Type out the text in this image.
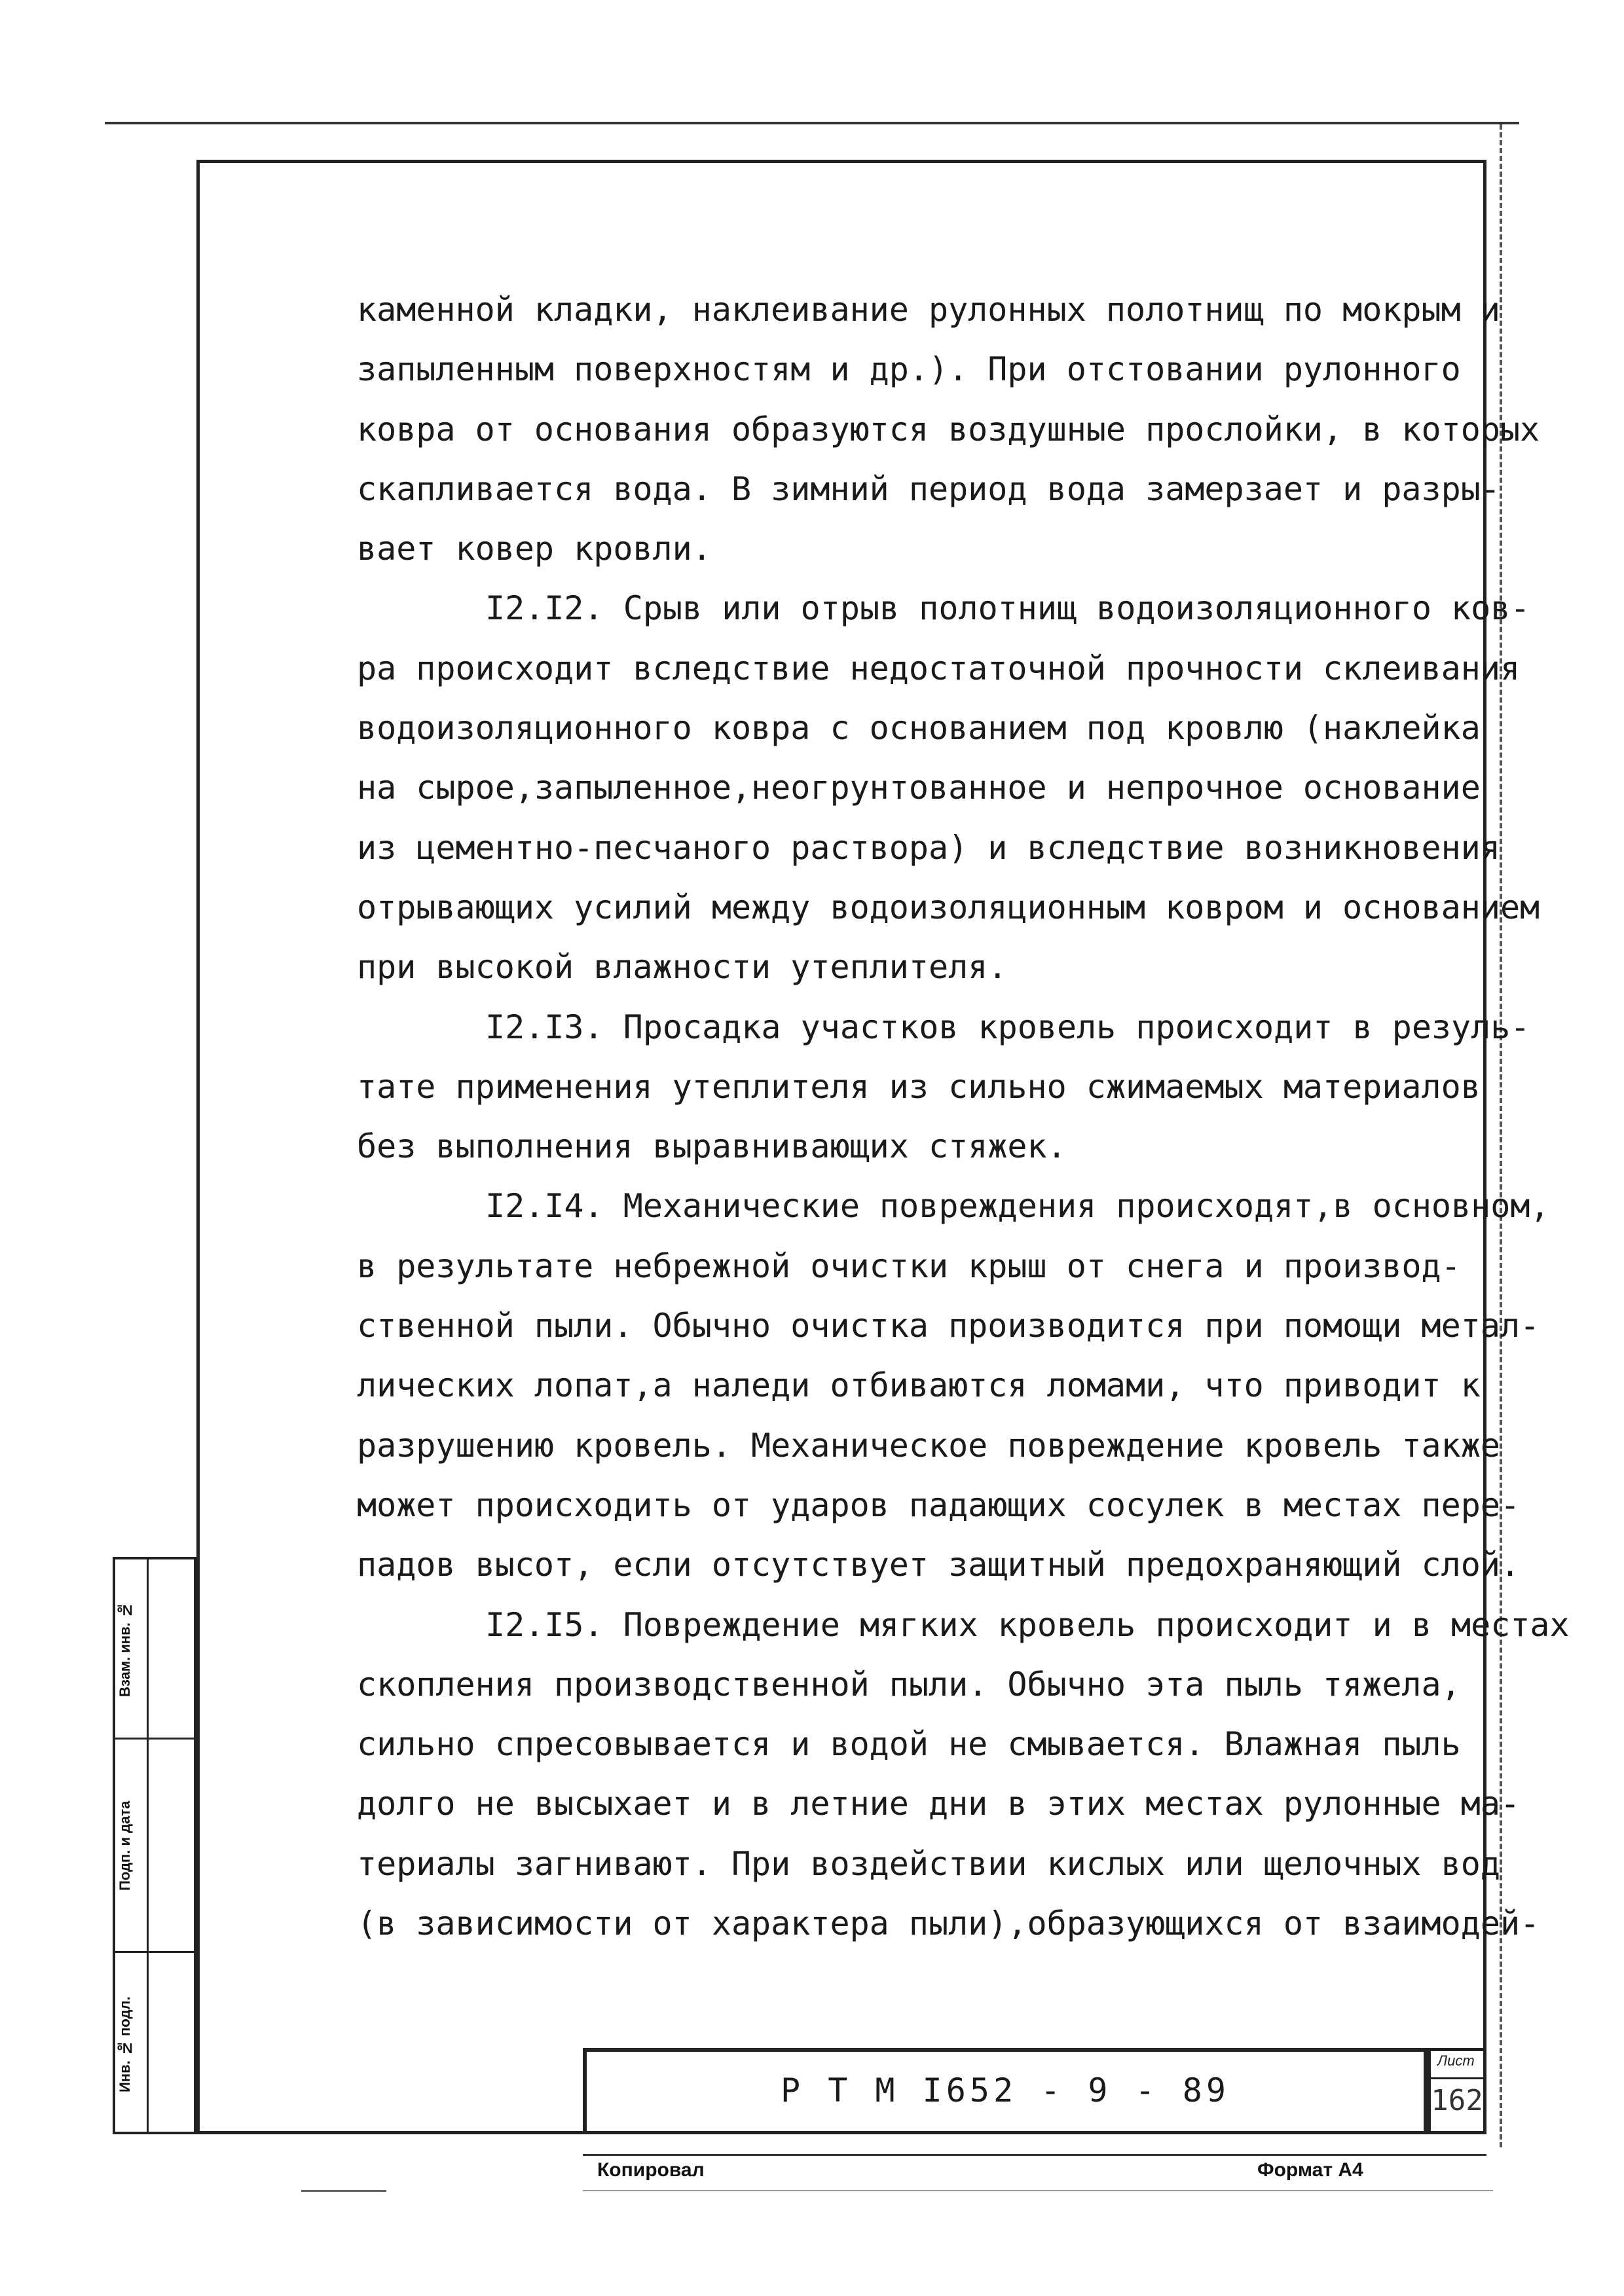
каменной кладки, наклеивание рулонных полотнищ по мокрым и

запыленным поверхностям и др.). При отстовании рулонного

ковра от основания образуются воздушные прослойки, в которых

скапливается вода. В зимний период вода замерзает и разры-

вает ковер кровли.

I2.I2. Срыв или отрыв полотнищ водоизоляционного ков-

ра происходит вследствие недостаточной прочности склеивания

водоизоляционного ковра с основанием под кровлю (наклейка

на сырое,запыленное,неогрунтованное и непрочное основание

из цементно-песчаного раствора) и вследствие возникновения

отрывающих усилий между водоизоляционным ковром и основанием

при высокой влажности утеплителя.

I2.I3. Просадка участков кровель происходит в резуль-

тате применения утеплителя из сильно сжимаемых материалов

без выполнения выравнивающих стяжек.

I2.I4. Механические повреждения происходят,в основном,

в результате небрежной очистки крыш от снега и производ-

ственной пыли. Обычно очистка производится при помощи метал-

лических лопат,а наледи отбиваются ломами, что приводит к

разрушению кровель. Механическое повреждение кровель также

может происходить от ударов падающих сосулек в местах пере-

падов высот, если отсутствует защитный предохраняющий слой.

I2.I5. Повреждение мягких кровель происходит и в местах

скопления производственной пыли. Обычно эта пыль тяжела,

сильно спресовывается и водой не смывается. Влажная пыль

долго не высыхает и в летние дни в этих местах рулонные ма-

териалы загнивают. При воздействии кислых или щелочных вод

(в зависимости от характера пыли),образующихся от взаимодей-

Взам. инв. №
Подп. и дата
Инв. № подл.	Р Т М I652 - 9 - 89
Лист
162
Копировал	Формат А4
